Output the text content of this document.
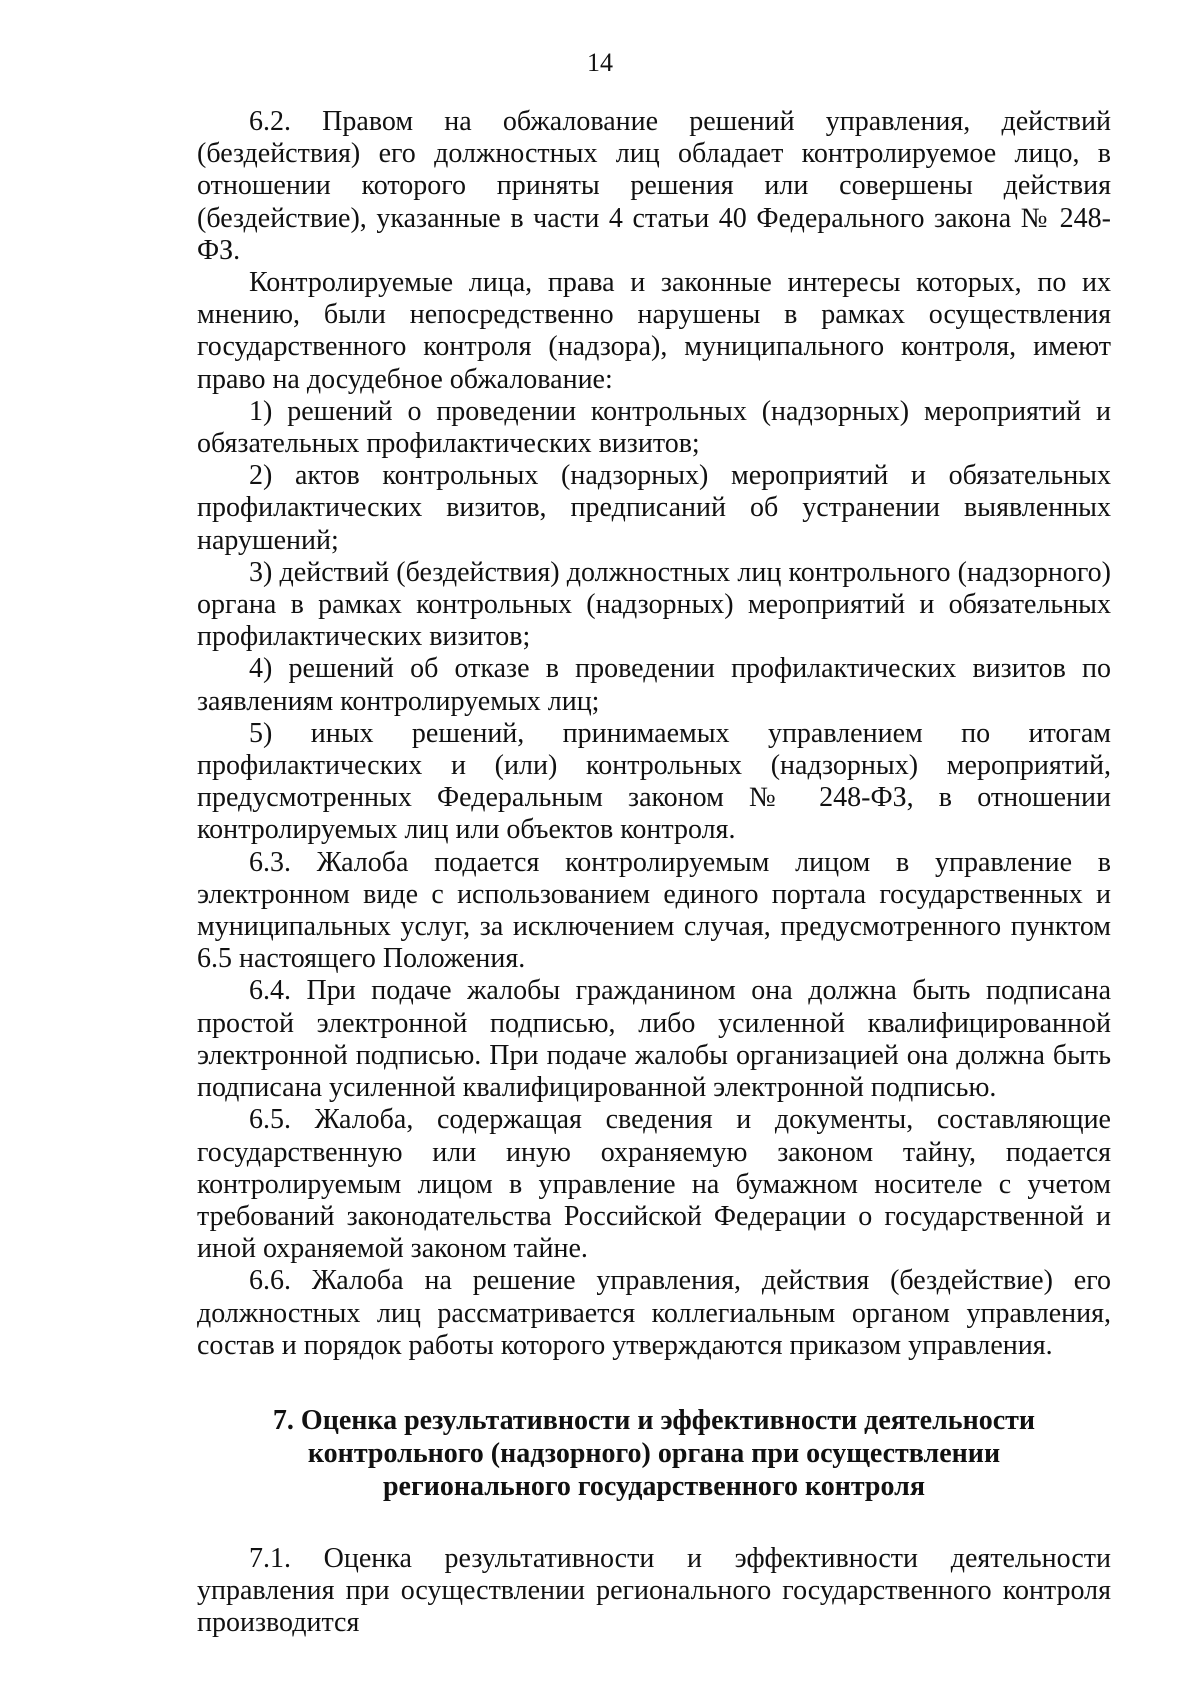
14

6.2. Правом на обжалование решений управления, действий (бездействия) его должностных лиц обладает контролируемое лицо, в отношении которого приняты решения или совершены действия (бездействие), указанные в части 4 статьи 40 Федерального закона № 248-ФЗ.

Контролируемые лица, права и законные интересы которых, по их мнению, были непосредственно нарушены в рамках осуществления государственного контроля (надзора), муниципального контроля, имеют право на досудебное обжалование:

1) решений о проведении контрольных (надзорных) мероприятий и обязательных профилактических визитов;

2) актов контрольных (надзорных) мероприятий и обязательных профилактических визитов, предписаний об устранении выявленных нарушений;

3) действий (бездействия) должностных лиц контрольного (надзорного) органа в рамках контрольных (надзорных) мероприятий и обязательных профилактических визитов;

4) решений об отказе в проведении профилактических визитов по заявлениям контролируемых лиц;

5) иных решений, принимаемых управлением по итогам профилактических и (или) контрольных (надзорных) мероприятий, предусмотренных Федеральным законом № 248-ФЗ, в отношении контролируемых лиц или объектов контроля.

6.3. Жалоба подается контролируемым лицом в управление в электронном виде с использованием единого портала государственных и муниципальных услуг, за исключением случая, предусмотренного пунктом 6.5 настоящего Положения.

6.4. При подаче жалобы гражданином она должна быть подписана простой электронной подписью, либо усиленной квалифицированной электронной подписью. При подаче жалобы организацией она должна быть подписана усиленной квалифицированной электронной подписью.

6.5. Жалоба, содержащая сведения и документы, составляющие государственную или иную охраняемую законом тайну, подается контролируемым лицом в управление на бумажном носителе с учетом требований законодательства Российской Федерации о государственной и иной охраняемой законом тайне.

6.6. Жалоба на решение управления, действия (бездействие) его должностных лиц рассматривается коллегиальным органом управления, состав и порядок работы которого утверждаются приказом управления.

7. Оценка результативности и эффективности деятельности
контрольного (надзорного) органа при осуществлении
регионального государственного контроля

7.1. Оценка результативности и эффективности деятельности управления при осуществлении регионального государственного контроля производится
